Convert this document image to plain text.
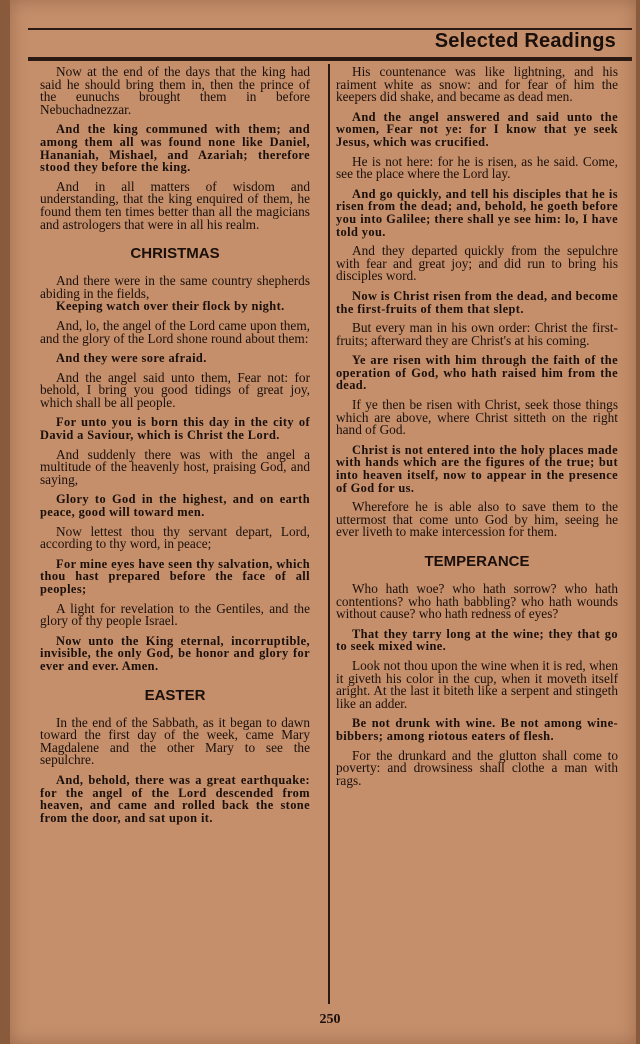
Selected Readings

Now at the end of the days that the king had said he should bring them in, then the prince of the eunuchs brought them in before Nebuchadnezzar.

And the king communed with them; and among them all was found none like Daniel, Hananiah, Mishael, and Azariah; therefore stood they before the king.

And in all matters of wisdom and understanding, that the king enquired of them, he found them ten times better than all the magicians and astrologers that were in all his realm.

CHRISTMAS

And there were in the same country shepherds abiding in the fields,

Keeping watch over their flock by night.

And, lo, the angel of the Lord came upon them, and the glory of the Lord shone round about them:

And they were sore afraid.

And the angel said unto them, Fear not: for behold, I bring you good tidings of great joy, which shall be all people.

For unto you is born this day in the city of David a Saviour, which is Christ the Lord.

And suddenly there was with the angel a multitude of the heavenly host, praising God, and saying,

Glory to God in the highest, and on earth peace, good will toward men.

Now lettest thou thy servant depart, Lord, according to thy word, in peace;

For mine eyes have seen thy salvation, which thou hast prepared before the face of all peoples;

A light for revelation to the Gentiles, and the glory of thy people Israel.

Now unto the King eternal, incorruptible, invisible, the only God, be honor and glory for ever and ever. Amen.

EASTER

In the end of the Sabbath, as it began to dawn toward the first day of the week, came Mary Magdalene and the other Mary to see the sepulchre.

And, behold, there was a great earthquake: for the angel of the Lord descended from heaven, and came and rolled back the stone from the door, and sat upon it.

His countenance was like lightning, and his raiment white as snow: and for fear of him the keepers did shake, and became as dead men.

And the angel answered and said unto the women, Fear not ye: for I know that ye seek Jesus, which was crucified.

He is not here: for he is risen, as he said. Come, see the place where the Lord lay.

And go quickly, and tell his disciples that he is risen from the dead; and, behold, he goeth before you into Galilee; there shall ye see him: lo, I have told you.

And they departed quickly from the sepulchre with fear and great joy; and did run to bring his disciples word.

Now is Christ risen from the dead, and become the first-fruits of them that slept.

But every man in his own order: Christ the first-fruits; afterward they are Christ's at his coming.

Ye are risen with him through the faith of the operation of God, who hath raised him from the dead.

If ye then be risen with Christ, seek those things which are above, where Christ sitteth on the right hand of God.

Christ is not entered into the holy places made with hands which are the figures of the true; but into heaven itself, now to appear in the presence of God for us.

Wherefore he is able also to save them to the uttermost that come unto God by him, seeing he ever liveth to make intercession for them.

TEMPERANCE

Who hath woe? who hath sorrow? who hath contentions? who hath babbling? who hath wounds without cause? who hath redness of eyes?

That they tarry long at the wine; they that go to seek mixed wine.

Look not thou upon the wine when it is red, when it giveth his color in the cup, when it moveth itself aright. At the last it biteth like a serpent and stingeth like an adder.

Be not drunk with wine. Be not among wine-bibbers; among riotous eaters of flesh.

For the drunkard and the glutton shall come to poverty: and drowsiness shall clothe a man with rags.

250
